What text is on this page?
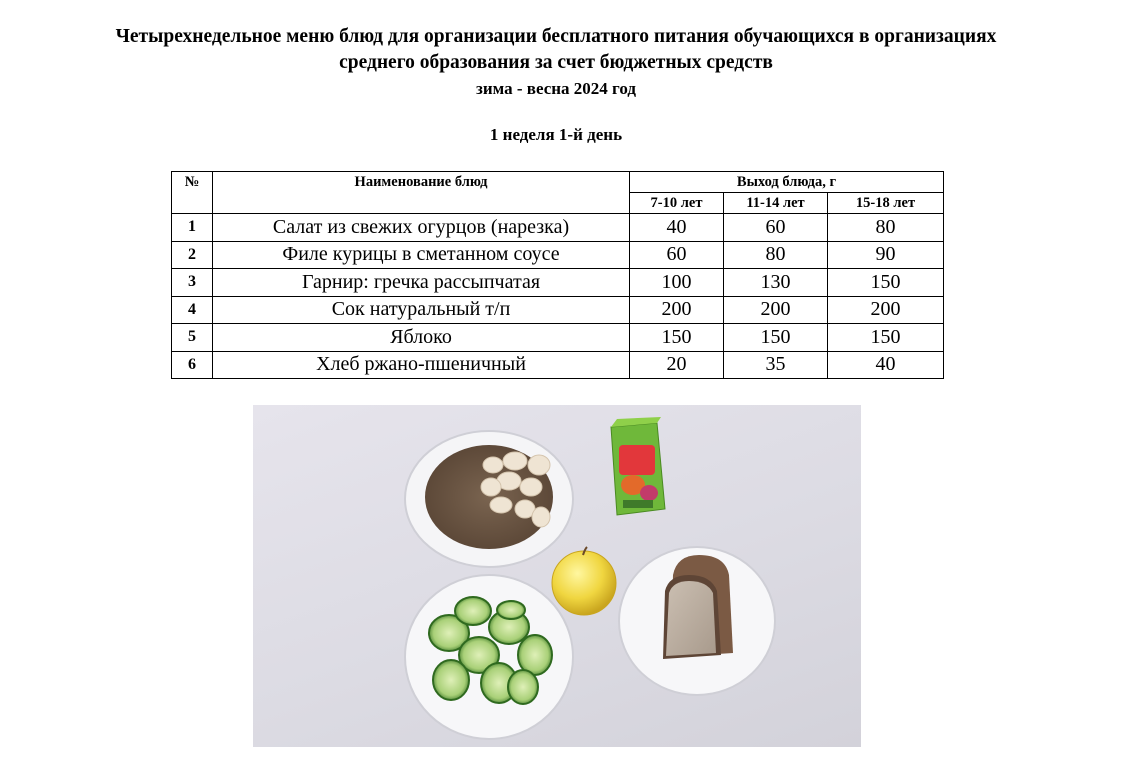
Четырехнедельное меню блюд для организации бесплатного питания обучающихся в организациях
среднего образования за счет бюджетных средств
зима - весна 2024 год
1 неделя 1-й день
№	Наименование блюд	Выход блюда, г		
		7-10 лет	11-14 лет	15-18 лет
1	Салат из свежих огурцов (нарезка)	40	60	80
2	Филе курицы в сметанном соусе	60	80	90
3	Гарнир: гречка рассыпчатая	100	130	150
4	Сок натуральный т/п	200	200	200
5	Яблоко	150	150	150
6	Хлеб ржано-пшеничный	20	35	40
